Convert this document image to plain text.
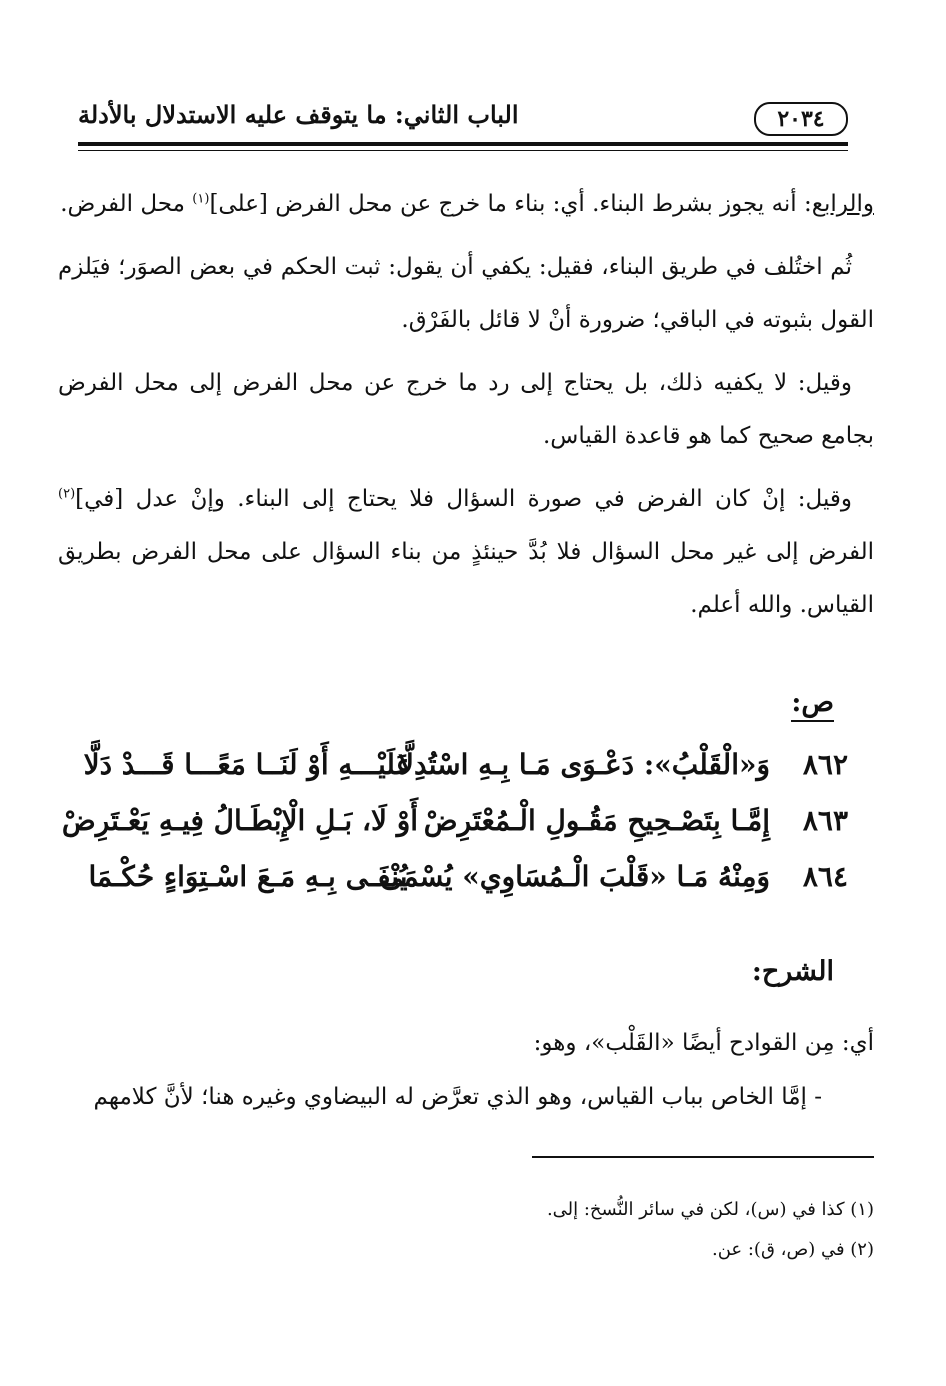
٢٠٣٤
الباب الثاني: ما يتوقف عليه الاستدلال بالأدلة

والرابع: أنه يجوز بشرط البناء. أي: بناء ما خرج عن محل الفرض [على]$^{(١)}$ محل الفرض.

ثُم اختُلف في طريق البناء، فقيل: يكفي أن يقول: ثبت الحكم في بعض الصوَر؛ فيَلزم القول بثبوته في الباقي؛ ضرورة أنْ لا قائل بالفَرْق.

وقيل: لا يكفيه ذلك، بل يحتاج إلى رد ما خرج عن محل الفرض إلى محل الفرض بجامع صحيح كما هو قاعدة القياس.

وقيل: إنْ كان الفرض في صورة السؤال فلا يحتاج إلى البناء. وإنْ عدل [في]$^{(٢)}$ الفرض إلى غير محل السؤال فلا بُدَّ حينئذٍ من بناء السؤال على محل الفرض بطريق القياس. والله أعلم.

ص:
٨٦٢
وَ«الْقَلْبُ»: دَعْـوَى مَـا بِـهِ اسْتُدِلَّا
عَلَيْـــهِ أَوْ لَنَــا مَعًـــا قَـــدْ دَلَّا
٨٦٣
إِمَّـا بِتَصْـحِيحِ مَقُـولِ الْـمُعْتَرِضْ
أَوْ لَا، بَـلِ الْإِبْطَـالُ فِيـهِ يَعْـتَرِضْ
٨٦٤
وَمِنْهُ مَـا «قَلْبَ الْـمُسَاوِي» يُسْمَى
يُنْفَـى بِـهِ مَـعَ اسْـتِوَاءٍ حُكْـمَا
الشرح:

أي: مِن القوادح أيضًا «القَلْب»، وهو:

- إمَّا الخاص بباب القياس، وهو الذي تعرَّض له البيضاوي وغيره هنا؛ لأنَّ كلامهم

(١) كذا في (س)، لكن في سائر النُّسخ: إلى.

(٢) في (ص، ق): عن.
